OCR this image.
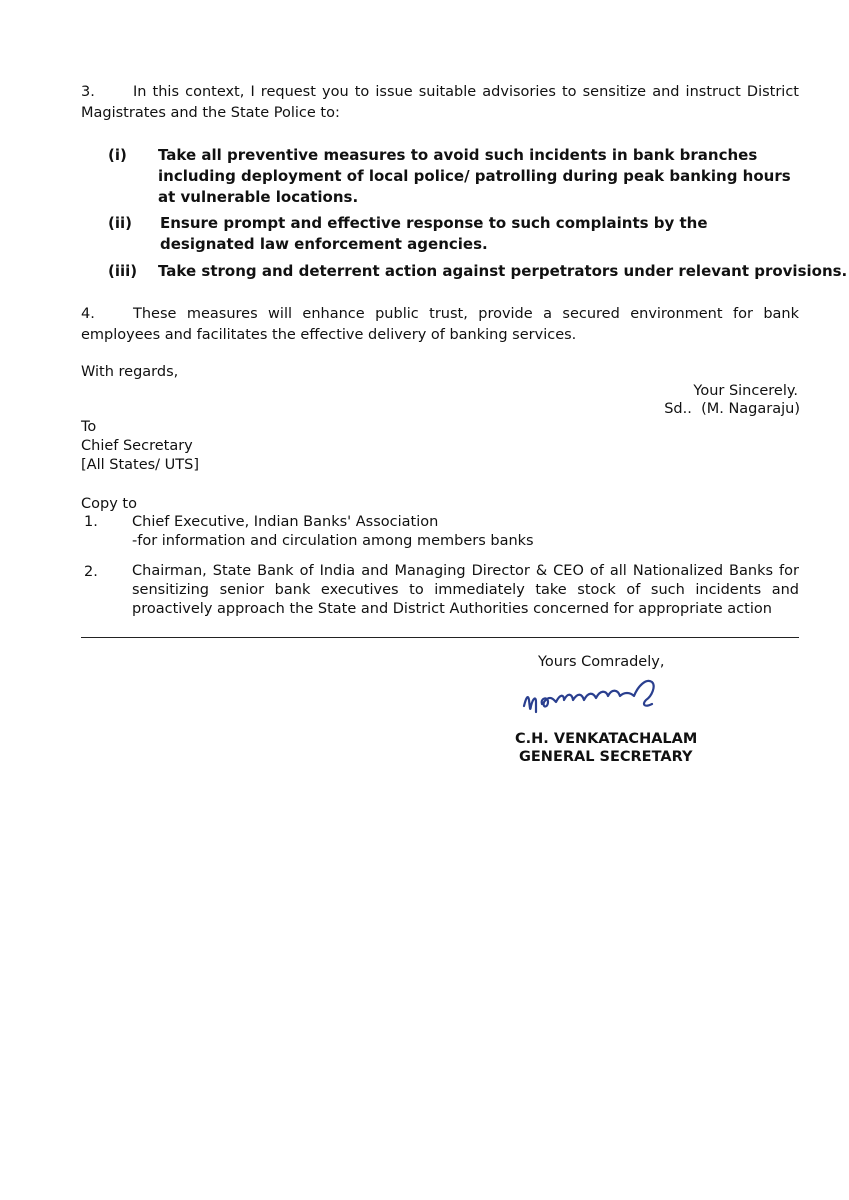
3.	In this context, I request you to issue suitable advisories to sensitize and instruct District Magistrates and the State Police to:
(i) Take all preventive measures to avoid such incidents in bank branches including deployment of local police/ patrolling during peak banking hours at vulnerable locations.
(ii) Ensure prompt and effective response to such complaints by the designated law enforcement agencies.
(iii) Take strong and deterrent action against perpetrators under relevant provisions.
4.	These measures will enhance public trust, provide a secured environment for bank employees and facilitates the effective delivery of banking services.
With regards,
Your Sincerely.
Sd..  (M. Nagaraju)
To
Chief Secretary
[All States/ UTS]
Copy to
1. Chief Executive, Indian Banks' Association
-for information and circulation among members banks
2. Chairman, State Bank of India and Managing Director & CEO of all Nationalized Banks for sensitizing senior bank executives to immediately take stock of such incidents and proactively approach the State and District Authorities concerned for appropriate action
Yours Comradely,
C.H. VENKATACHALAM
GENERAL SECRETARY
